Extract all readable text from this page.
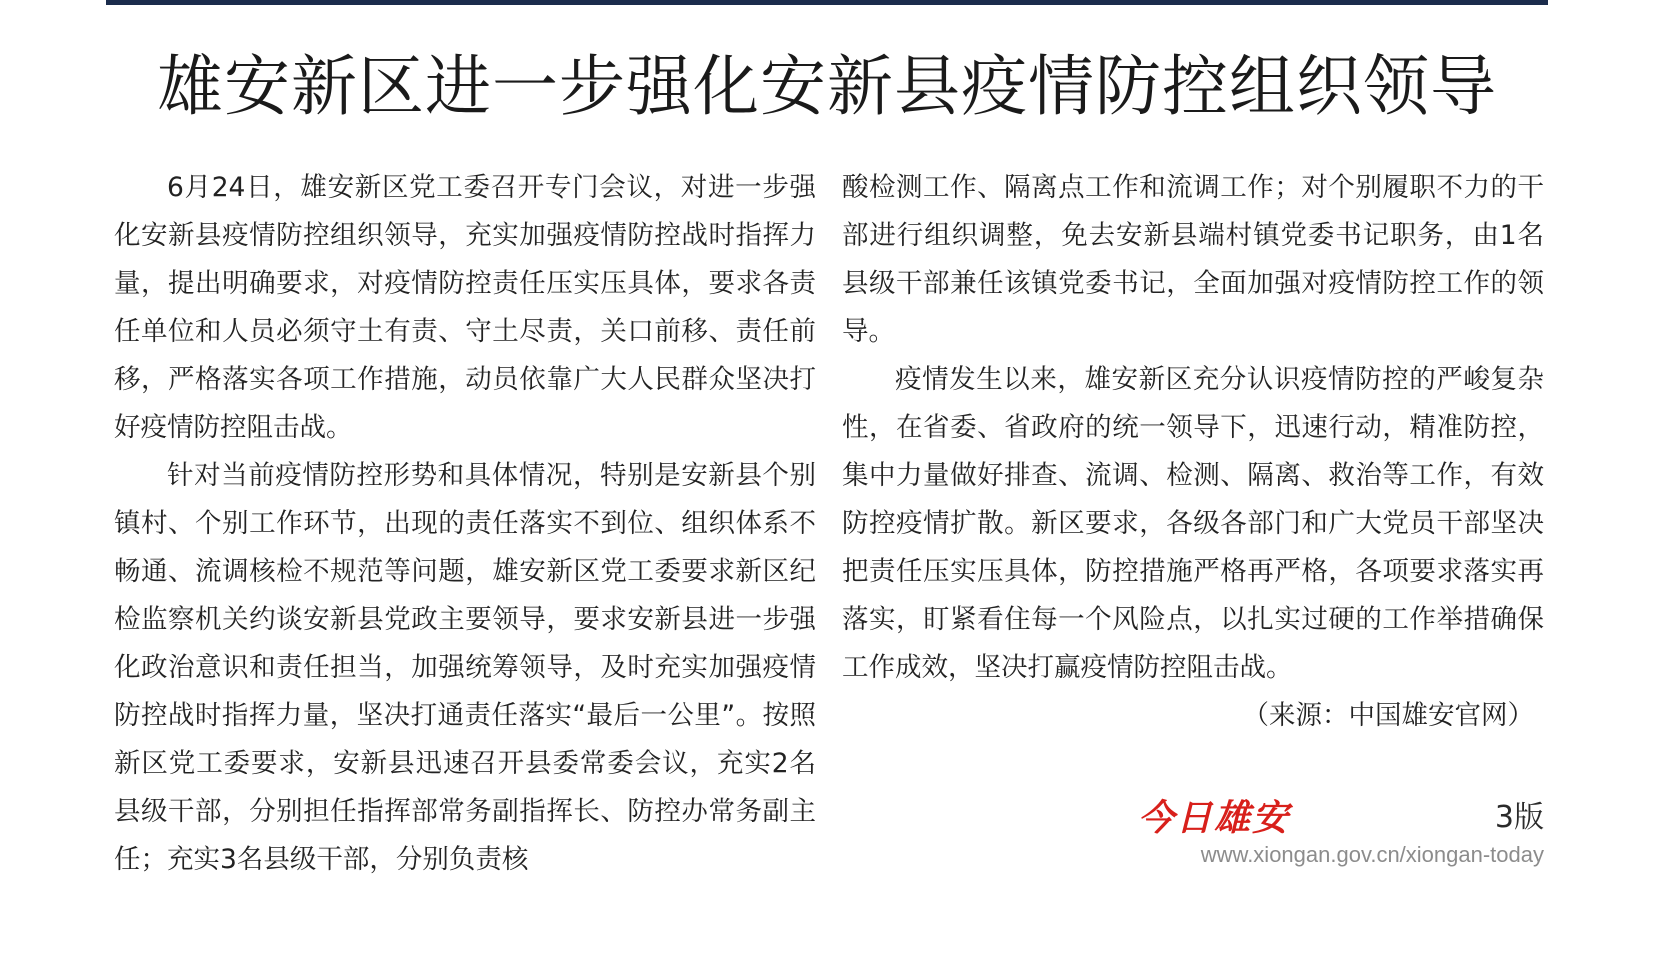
雄安新区进一步强化安新县疫情防控组织领导

6月24日，雄安新区党工委召开专门会议，对进一步强化安新县疫情防控组织领导，充实加强疫情防控战时指挥力量，提出明确要求，对疫情防控责任压实压具体，要求各责任单位和人员必须守土有责、守土尽责，关口前移、责任前移，严格落实各项工作措施，动员依靠广大人民群众坚决打好疫情防控阻击战。

针对当前疫情防控形势和具体情况，特别是安新县个别镇村、个别工作环节，出现的责任落实不到位、组织体系不畅通、流调核检不规范等问题，雄安新区党工委要求新区纪检监察机关约谈安新县党政主要领导，要求安新县进一步强化政治意识和责任担当，加强统筹领导，及时充实加强疫情防控战时指挥力量，坚决打通责任落实“最后一公里”。按照新区党工委要求，安新县迅速召开县委常委会议，充实2名县级干部，分别担任指挥部常务副指挥长、防控办常务副主任；充实3名县级干部，分别负责核

酸检测工作、隔离点工作和流调工作；对个别履职不力的干部进行组织调整，免去安新县端村镇党委书记职务，由1名县级干部兼任该镇党委书记，全面加强对疫情防控工作的领导。

疫情发生以来，雄安新区充分认识疫情防控的严峻复杂性，在省委、省政府的统一领导下，迅速行动，精准防控，集中力量做好排查、流调、检测、隔离、救治等工作，有效防控疫情扩散。新区要求，各级各部门和广大党员干部坚决把责任压实压具体，防控措施严格再严格，各项要求落实再落实，盯紧看住每一个风险点，以扎实过硬的工作举措确保工作成效，坚决打赢疫情防控阻击战。

（来源：中国雄安官网）

今日雄安	3版
www.xiongan.gov.cn/xiongan-today
